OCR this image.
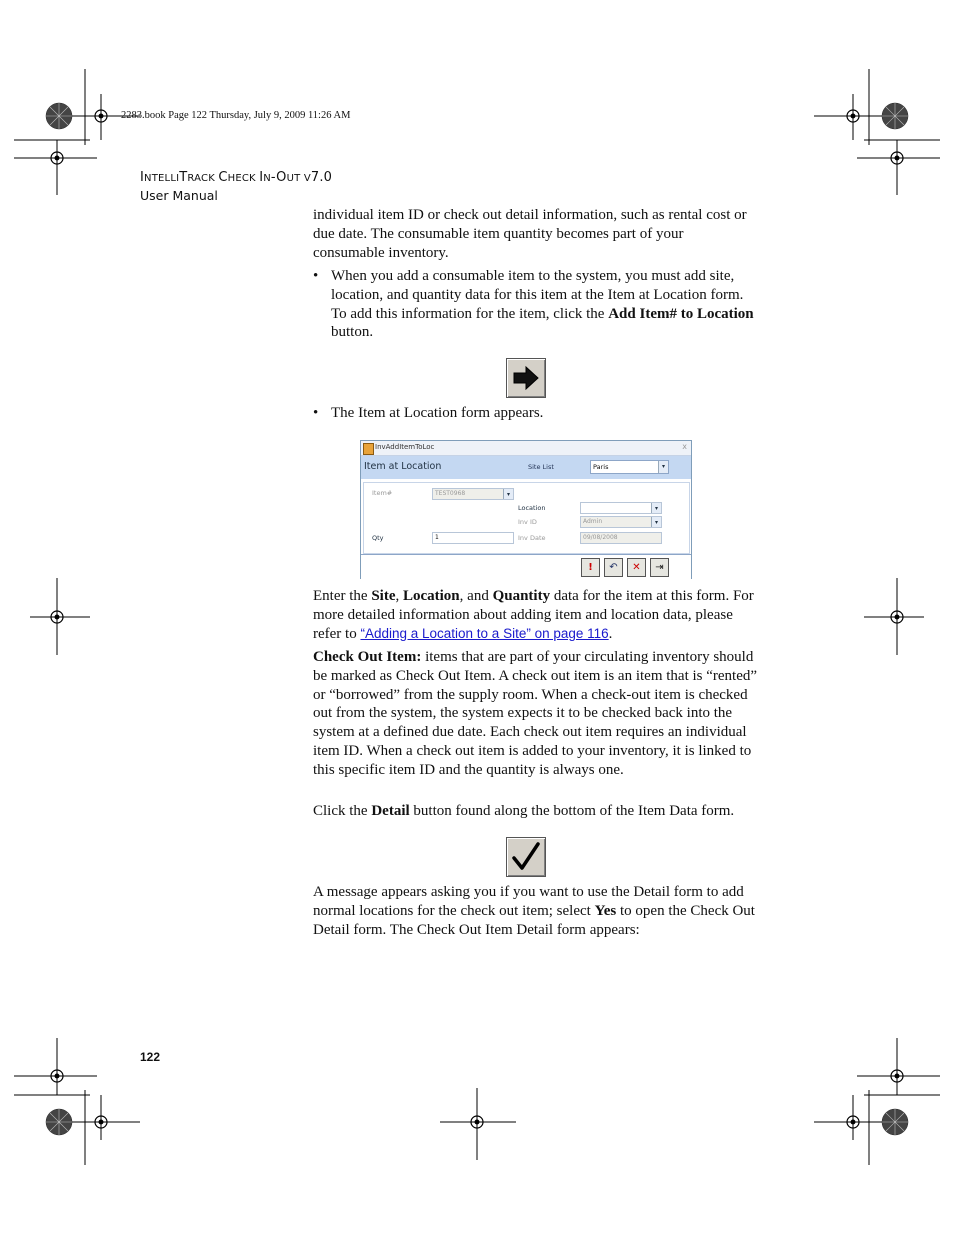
2283.book Page 122 Thursday, July 9, 2009 11:26 AM
INTELLITRACK CHECK IN-OUT V7.0
User Manual
individual item ID or check out detail information, such as rental cost or due date. The consumable item quantity becomes part of your consumable inventory.
• When you add a consumable item to the system, you must add site, location, and quantity data for this item at the Item at Location form. To add this information for the item, click the Add Item# to Location button.
• The Item at Location form appears.
InvAddItemToLoc	x
Item at Location	Site List	Paris	▾
Item#	TEST0968	▾
Location	▾
Inv ID	Admin	▾
Qty	1	Inv Date	09/08/2008
!	↶	✕	⇥
Enter the Site, Location, and Quantity data for the item at this form. For more detailed information about adding item and location data, please refer to “Adding a Location to a Site” on page 116.
Check Out Item: items that are part of your circulating inventory should be marked as Check Out Item. A check out item is an item that is “rented” or “borrowed” from the supply room. When a check-out item is checked out from the system, the system expects it to be checked back into the system at a defined due date. Each check out item requires an individual item ID. When a check out item is added to your inventory, it is linked to this specific item ID and the quantity is always one.
Click the Detail button found along the bottom of the Item Data form.
A message appears asking you if you want to use the Detail form to add normal locations for the check out item; select Yes to open the Check Out Detail form. The Check Out Item Detail form appears:
122
